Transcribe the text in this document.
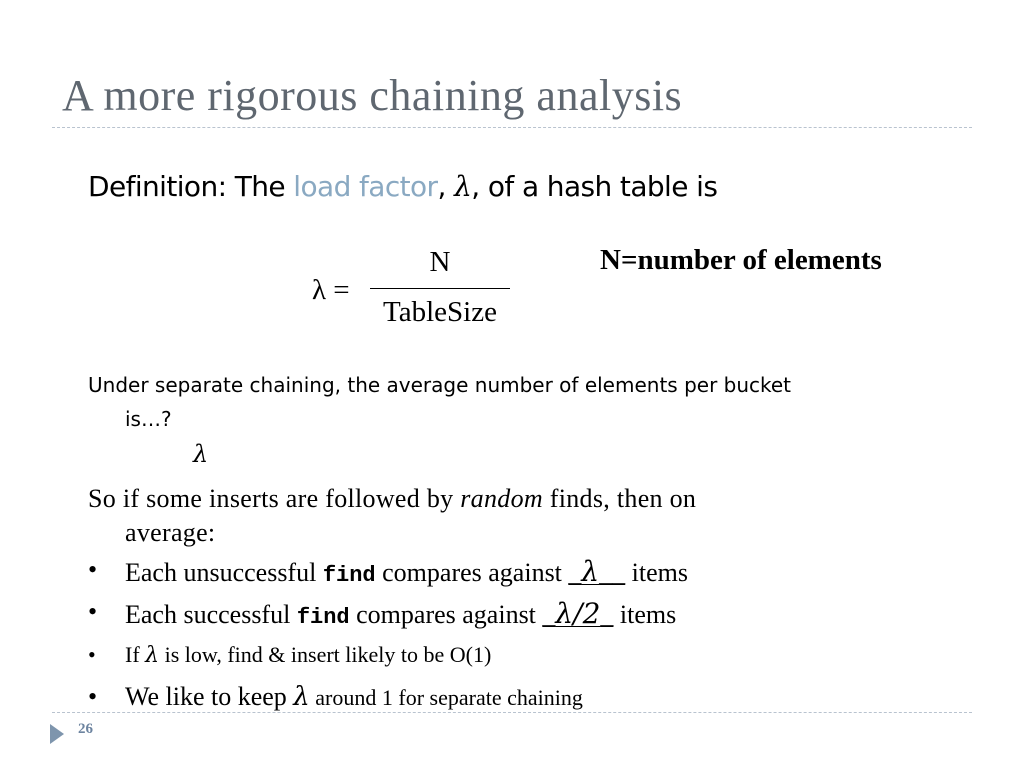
A more rigorous chaining analysis
Definition: The load factor, λ, of a hash table is
λ =
N
TableSize
N=number of elements
Under separate chaining, the average number of elements per bucket
is…?
λ
So if some inserts are followed by random finds, then on
average:
• Each unsuccessful find compares against _λ__ items
• Each successful find compares against _λ/2_ items
• If λ is low, find & insert likely to be O(1)
• We like to keep λ around 1 for separate chaining
26
